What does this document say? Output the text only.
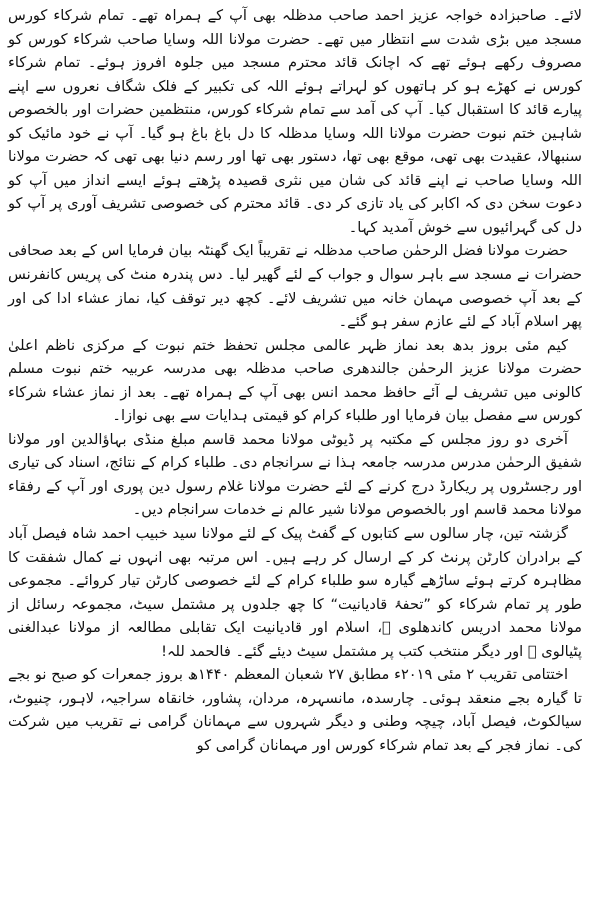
لائے۔ صاحبزادہ خواجہ عزیز احمد صاحب مدظلہ بھی آپ کے ہمراہ تھے۔ تمام شرکاء کورس مسجد میں بڑی شدت سے انتظار میں تھے۔ حضرت مولانا اللہ وسایا صاحب شرکاء کورس کو مصروف رکھے ہوئے تھے کہ اچانک قائد محترم مسجد میں جلوہ افروز ہوئے۔ تمام شرکاء کورس نے کھڑے ہو کر ہاتھوں کو لہراتے ہوئے اللہ کی تکبیر کے فلک شگاف نعروں سے اپنے پیارے قائد کا استقبال کیا۔ آپ کی آمد سے تمام شرکاء کورس، منتظمین حضرات اور بالخصوص شاہین ختم نبوت حضرت مولانا اللہ وسایا مدظلہ کا دل باغ باغ ہو گیا۔ آپ نے خود مائیک کو سنبھالا، عقیدت بھی تھی، موقع بھی تھا، دستور بھی تھا اور رسم دنیا بھی تھی کہ حضرت مولانا اللہ وسایا صاحب نے اپنے قائد کی شان میں نثری قصیدہ پڑھتے ہوئے ایسے انداز میں آپ کو دعوت سخن دی کہ اکابر کی یاد تازی کر دی۔ قائد محترم کی خصوصی تشریف آوری پر آپ کو دل کی گہرائیوں سے خوش آمدید کہا۔

حضرت مولانا فضل الرحمٰن صاحب مدظلہ نے تقریباً ایک گھنٹہ بیان فرمایا اس کے بعد صحافی حضرات نے مسجد سے باہر سوال و جواب کے لئے گھیر لیا۔ دس پندرہ منٹ کی پریس کانفرنس کے بعد آپ خصوصی مہمان خانہ میں تشریف لائے۔ کچھ دیر توقف کیا، نماز عشاء ادا کی اور پھر اسلام آباد کے لئے عازم سفر ہو گئے۔

کیم مئی بروز بدھ بعد نماز ظہر عالمی مجلس تحفظ ختم نبوت کے مرکزی ناظم اعلیٰ حضرت مولانا عزیز الرحمٰن جالندھری صاحب مدظلہ بھی مدرسہ عربیہ ختم نبوت مسلم کالونی میں تشریف لے آئے حافظ محمد انس بھی آپ کے ہمراہ تھے۔ بعد از نماز عشاء شرکاء کورس سے مفصل بیان فرمایا اور طلباء کرام کو قیمتی ہدایات سے بھی نوازا۔

آخری دو روز مجلس کے مکتبہ پر ڈیوٹی مولانا محمد قاسم مبلغ منڈی بہاؤالدین اور مولانا شفیق الرحمٰن مدرس مدرسہ جامعہ ہذا نے سرانجام دی۔ طلباء کرام کے نتائج، اسناد کی تیاری اور رجسٹروں پر ریکارڈ درج کرنے کے لئے حضرت مولانا غلام رسول دین پوری اور آپ کے رفقاء مولانا محمد قاسم اور بالخصوص مولانا شیر عالم نے خدمات سرانجام دیں۔

گزشتہ تین، چار سالوں سے کتابوں کے گفٹ پیک کے لئے مولانا سید خبیب احمد شاہ فیصل آباد کے برادران کارٹن پرنٹ کر کے ارسال کر رہے ہیں۔ اس مرتبہ بھی انہوں نے کمال شفقت کا مظاہرہ کرتے ہوئے ساڑھے گیارہ سو طلباء کرام کے لئے خصوصی کارٹن تیار کروائے۔ مجموعی طور پر تمام شرکاء کو ”تحفۂ قادیانیت“ کا چھ جلدوں پر مشتمل سیٹ، مجموعہ رسائل از مولانا محمد ادریس کاندھلوی ﷫، اسلام اور قادیانیت ایک تقابلی مطالعہ از مولانا عبدالغنی پٹیالوی ﷫ اور دیگر منتخب کتب پر مشتمل سیٹ دیئے گئے۔ فالحمد للہ!

اختتامی تقریب ۲ مئی ۲۰۱۹ء مطابق ۲۷ شعبان المعظم ۱۴۴۰ھ بروز جمعرات کو صبح نو بجے تا گیارہ بجے منعقد ہوئی۔ چارسدہ، مانسہرہ، مردان، پشاور، خانقاہ سراجیہ، لاہور، چنیوٹ، سیالکوٹ، فیصل آباد، چیچہ وطنی و دیگر شہروں سے مہمانان گرامی نے تقریب میں شرکت کی۔ نماز فجر کے بعد تمام شرکاء کورس اور مہمانان گرامی کو
